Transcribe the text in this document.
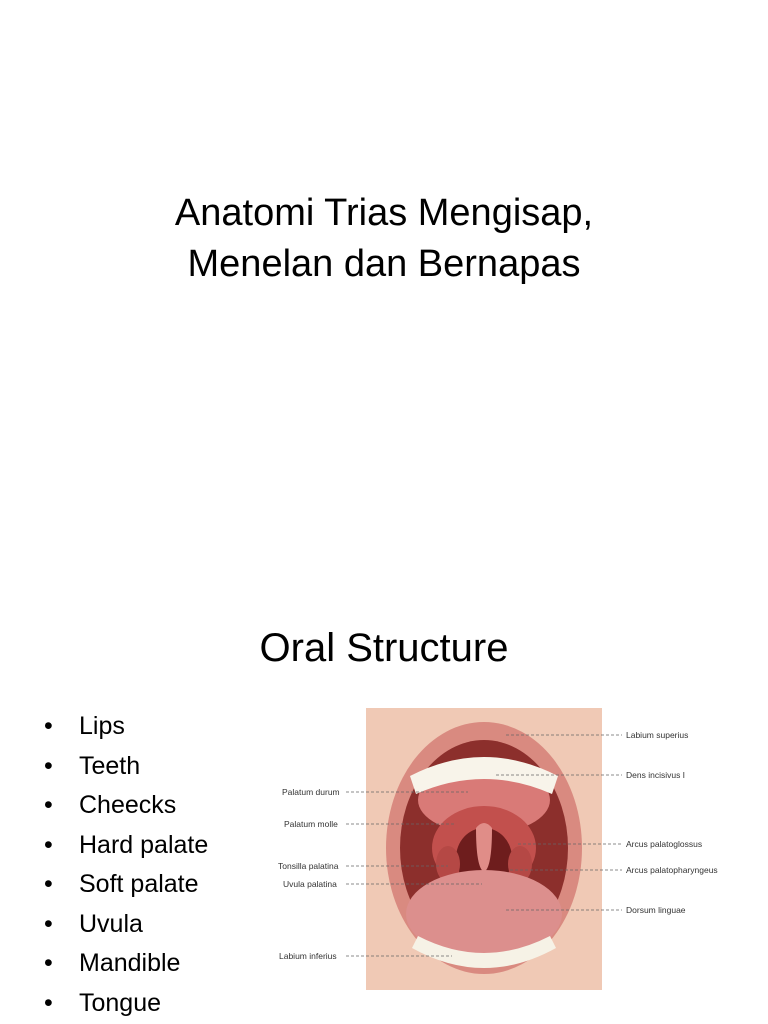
Anatomi Trias Mengisap,
Menelan dan Bernapas
Oral Structure
• Lips
• Teeth
• Cheecks
• Hard palate
• Soft palate
• Uvula
• Mandible
• Tongue
Labium superius
Dens incisivus I
Palatum durum
Palatum molle
Arcus palatoglossus
Tonsilla palatina	Arcus palatopharyngeus
Uvula palatina
Dorsum linguae
Labium inferius
